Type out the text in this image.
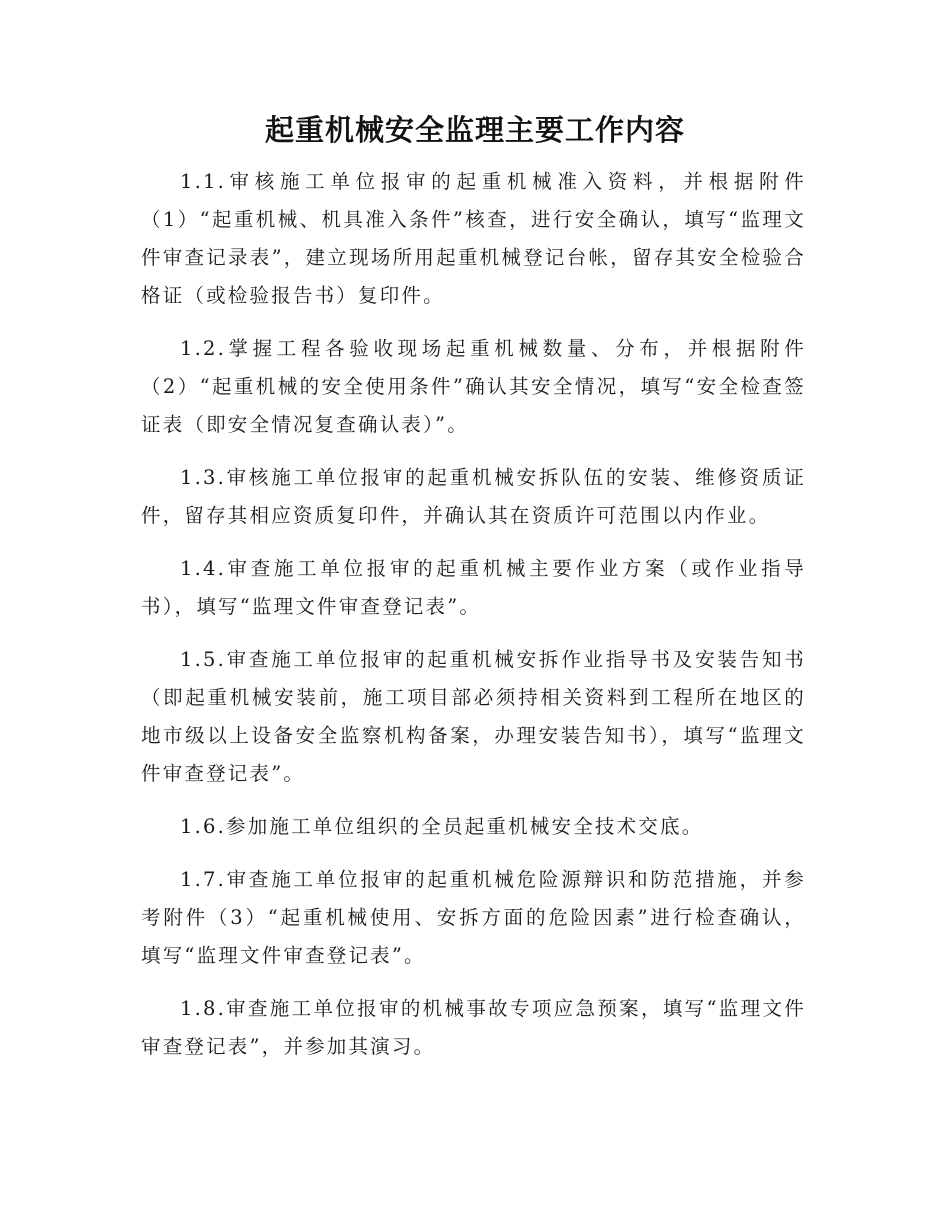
起重机械安全监理主要工作内容

1.1.审核施工单位报审的起重机械准入资料，并根据附件（1）“起重机械、机具准入条件”核查，进行安全确认，填写“监理文件审查记录表”，建立现场所用起重机械登记台帐，留存其安全检验合格证（或检验报告书）复印件。

1.2.掌握工程各验收现场起重机械数量、分布，并根据附件（2）“起重机械的安全使用条件”确认其安全情况，填写“安全检查签证表（即安全情况复查确认表）”。

1.3.审核施工单位报审的起重机械安拆队伍的安装、维修资质证件，留存其相应资质复印件，并确认其在资质许可范围以内作业。

1.4.审查施工单位报审的起重机械主要作业方案（或作业指导书），填写“监理文件审查登记表”。

1.5.审查施工单位报审的起重机械安拆作业指导书及安装告知书（即起重机械安装前，施工项目部必须持相关资料到工程所在地区的地市级以上设备安全监察机构备案，办理安装告知书），填写“监理文件审查登记表”。

1.6.参加施工单位组织的全员起重机械安全技术交底。

1.7.审查施工单位报审的起重机械危险源辩识和防范措施，并参考附件（3）“起重机械使用、安拆方面的危险因素”进行检查确认，填写“监理文件审查登记表”。

1.8.审查施工单位报审的机械事故专项应急预案，填写“监理文件审查登记表”，并参加其演习。
